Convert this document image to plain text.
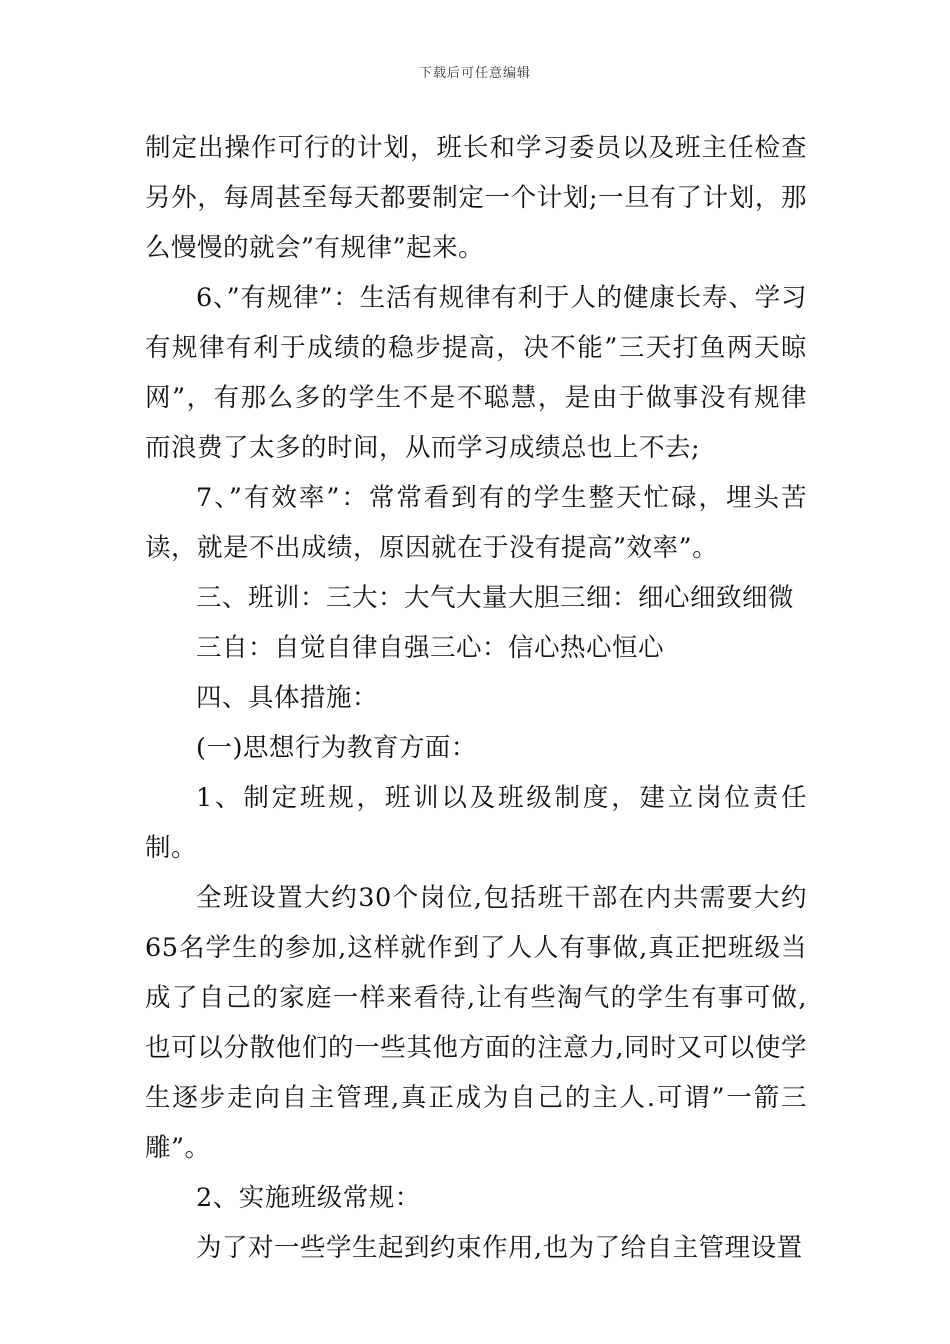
下载后可任意编辑

制定出操作可行的计划，班长和学习委员以及班主任检查另外，每周甚至每天都要制定一个计划;一旦有了计划，那么慢慢的就会”有规律”起来。

6、”有规律”：生活有规律有利于人的健康长寿、学习有规律有利于成绩的稳步提高，决不能”三天打鱼两天晾网”，有那么多的学生不是不聪慧，是由于做事没有规律而浪费了太多的时间，从而学习成绩总也上不去;

7、”有效率”：常常看到有的学生整天忙碌，埋头苦读，就是不出成绩，原因就在于没有提高”效率”。

三、班训：三大：大气大量大胆三细：细心细致细微

三自：自觉自律自强三心：信心热心恒心

四、具体措施：

(一)思想行为教育方面：

1、制定班规，班训以及班级制度，建立岗位责任制。

全班设置大约30个岗位,包括班干部在内共需要大约65名学生的参加,这样就作到了人人有事做,真正把班级当成了自己的家庭一样来看待,让有些淘气的学生有事可做,也可以分散他们的一些其他方面的注意力,同时又可以使学生逐步走向自主管理,真正成为自己的主人.可谓”一箭三雕”。

2、实施班级常规：

为了对一些学生起到约束作用,也为了给自主管理设置
